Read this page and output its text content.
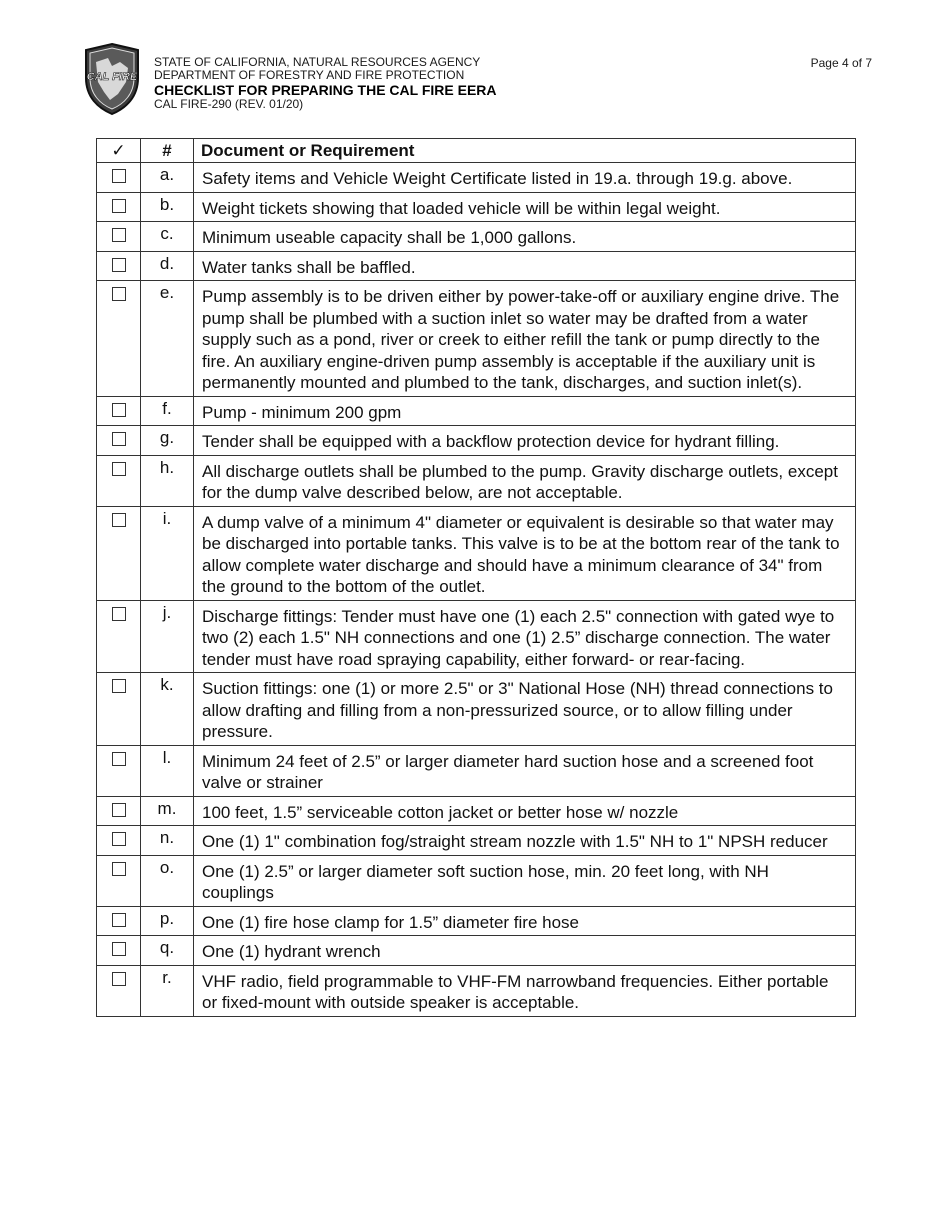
CAL FIRE
STATE OF CALIFORNIA, NATURAL RESOURCES AGENCY
DEPARTMENT OF FORESTRY AND FIRE PROTECTION
CHECKLIST FOR PREPARING THE CAL FIRE EERA
CAL FIRE-290 (REV. 01/20)
Page 4 of 7
✓	#	Document or Requirement
	a.	Safety items and Vehicle Weight Certificate listed in 19.a. through 19.g. above.
	b.	Weight tickets showing that loaded vehicle will be within legal weight.
	c.	Minimum useable capacity shall be 1,000 gallons.
	d.	Water tanks shall be baffled.
	e.	Pump assembly is to be driven either by power-take-off or auxiliary engine drive. The pump shall be plumbed with a suction inlet so water may be drafted from a water supply such as a pond, river or creek to either refill the tank or pump directly to the fire. An auxiliary engine-driven pump assembly is acceptable if the auxiliary unit is permanently mounted and plumbed to the tank, discharges, and suction inlet(s).
	f.	Pump - minimum 200 gpm
	g.	Tender shall be equipped with a backflow protection device for hydrant filling.
	h.	All discharge outlets shall be plumbed to the pump. Gravity discharge outlets, except for the dump valve described below, are not acceptable.
	i.	A dump valve of a minimum 4" diameter or equivalent is desirable so that water may be discharged into portable tanks. This valve is to be at the bottom rear of the tank to allow complete water discharge and should have a minimum clearance of 34" from the ground to the bottom of the outlet.
	j.	Discharge fittings: Tender must have one (1) each 2.5" connection with gated wye to two (2) each 1.5" NH connections and one (1) 2.5” discharge connection. The water tender must have road spraying capability, either forward- or rear-facing.
	k.	Suction fittings: one (1) or more 2.5" or 3" National Hose (NH) thread connections to allow drafting and filling from a non-pressurized source, or to allow filling under pressure.
	l.	Minimum 24 feet of 2.5” or larger diameter hard suction hose and a screened foot valve or strainer
	m.	100 feet, 1.5” serviceable cotton jacket or better hose w/ nozzle
	n.	One (1) 1" combination fog/straight stream nozzle with 1.5" NH to 1" NPSH reducer
	o.	One (1) 2.5” or larger diameter soft suction hose, min. 20 feet long, with NH couplings
	p.	One (1) fire hose clamp for 1.5” diameter fire hose
	q.	One (1) hydrant wrench
	r.	VHF radio, field programmable to VHF-FM narrowband frequencies. Either portable or fixed-mount with outside speaker is acceptable.
